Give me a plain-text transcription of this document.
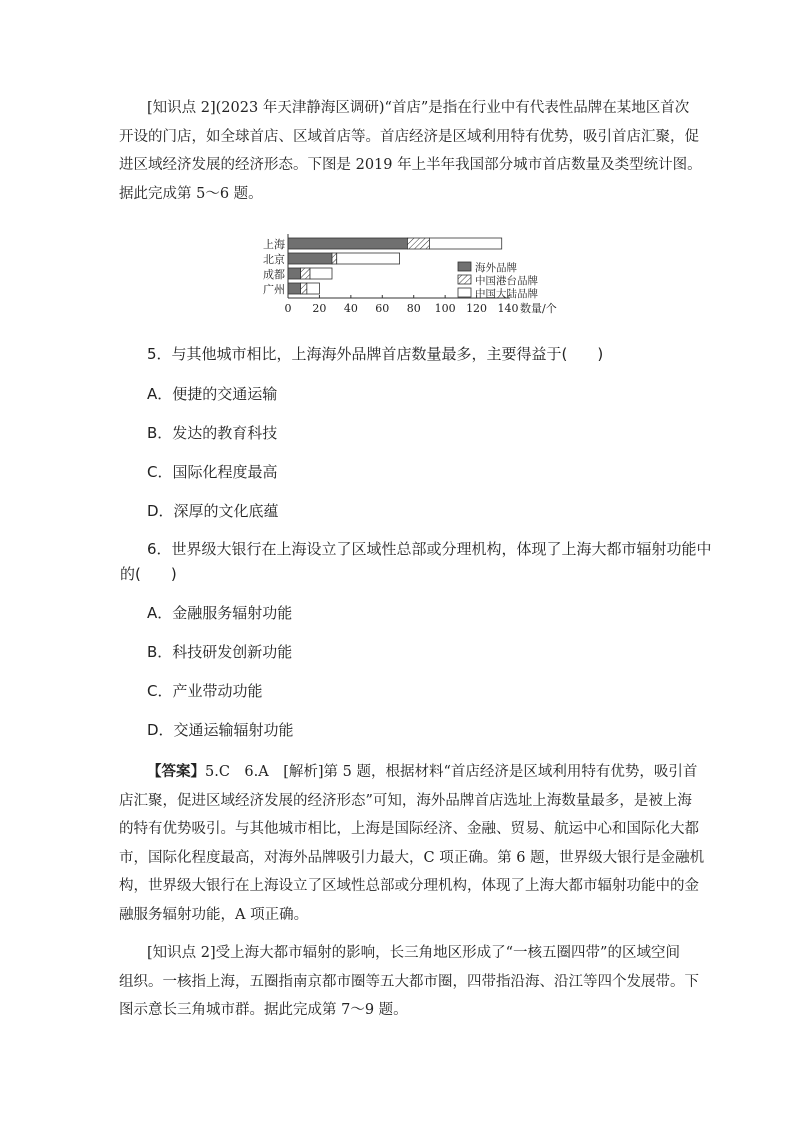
[知识点 2](2023 年天津静海区调研)“首店”是指在行业中有代表性品牌在某地区首次
开设的门店，如全球首店、区域首店等。首店经济是区域利用特有优势，吸引首店汇聚，促
进区域经济发展的经济形态。下图是 2019 年上半年我国部分城市首店数量及类型统计图。
据此完成第 5～6 题。
上海
北京
成都
广州
0 20 40 60 80 100 120 140 数量/个
海外品牌
中国港台品牌
中国大陆品牌
5．与其他城市相比，上海海外品牌首店数量最多，主要得益于(　　)
A．便捷的交通运输
B．发达的教育科技
C．国际化程度最高
D．深厚的文化底蕴
6．世界级大银行在上海设立了区域性总部或分理机构，体现了上海大都市辐射功能中
的(　　)
A．金融服务辐射功能
B．科技研发创新功能
C．产业带动功能
D．交通运输辐射功能
【答案】5.C　6.A　[解析]第 5 题，根据材料“首店经济是区域利用特有优势，吸引首
店汇聚，促进区域经济发展的经济形态”可知，海外品牌首店选址上海数量最多，是被上海
的特有优势吸引。与其他城市相比，上海是国际经济、金融、贸易、航运中心和国际化大都
市，国际化程度最高，对海外品牌吸引力最大，C 项正确。第 6 题，世界级大银行是金融机
构，世界级大银行在上海设立了区域性总部或分理机构，体现了上海大都市辐射功能中的金
融服务辐射功能，A 项正确。
[知识点 2]受上海大都市辐射的影响，长三角地区形成了“一核五圈四带”的区域空间
组织。一核指上海，五圈指南京都市圈等五大都市圈，四带指沿海、沿江等四个发展带。下
图示意长三角城市群。据此完成第 7～9 题。
